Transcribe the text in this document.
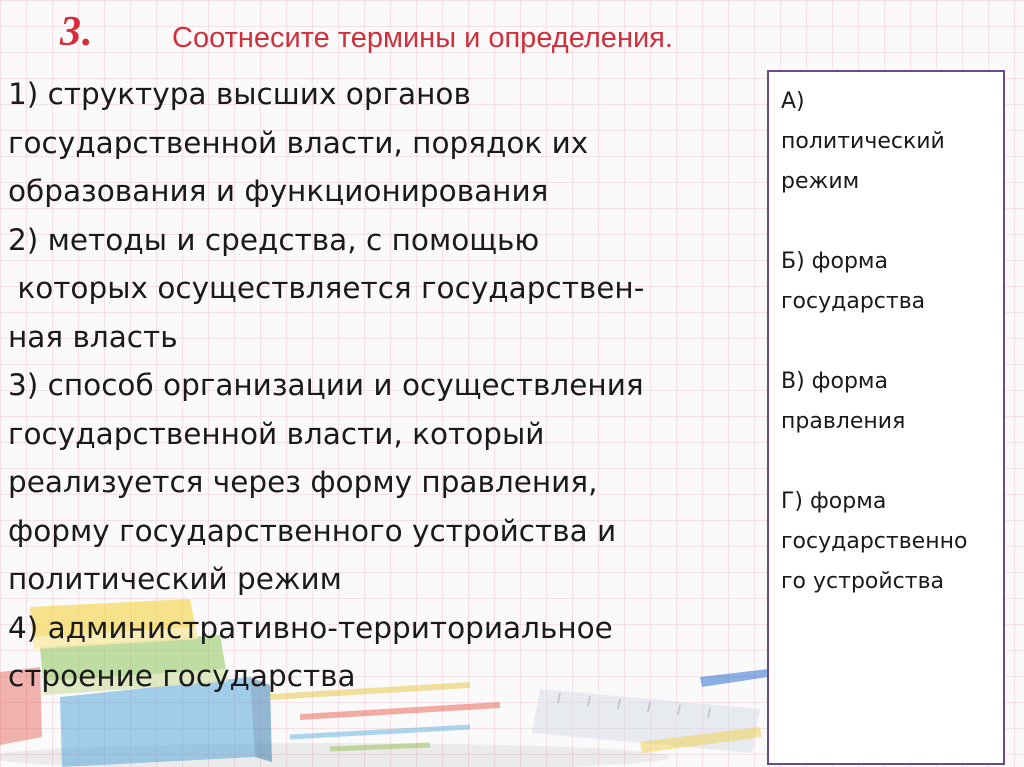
3.	Соотнесите термины и определения.
1) структура высших органов
государственной власти, порядок их
образования и функционирования
2) методы и средства, с помощью
которых осуществляется государствен-
ная власть
3) способ организации и осуществления
государственной власти, который
реализуется через форму правления,
форму государственного устройства и
политический режим
4) административно-территориальное
строение государства
А)
политический
режим
Б) форма
государства
В) форма
правления
Г) форма
государственно
го устройства
